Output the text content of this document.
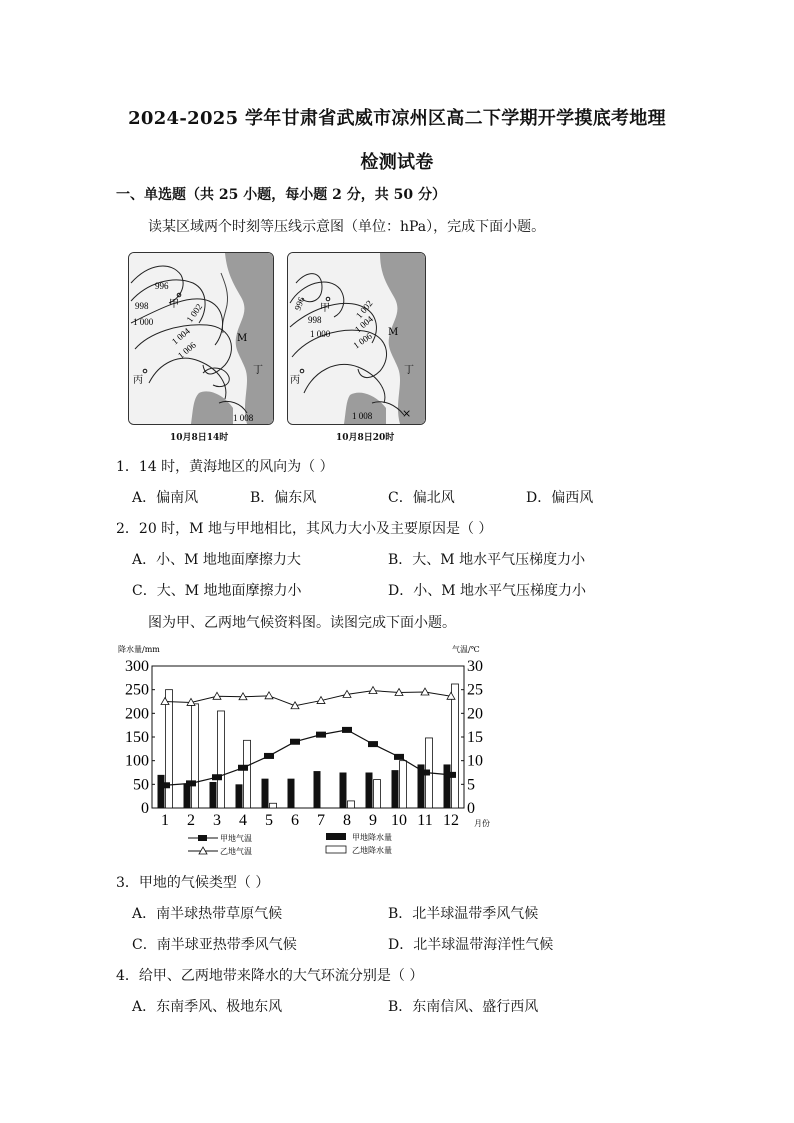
2024-2025 学年甘肃省武威市凉州区高二下学期开学摸底考地理
检测试卷
一、单选题（共 25 小题，每小题 2 分，共 50 分）
读某区域两个时刻等压线示意图（单位：hPa），完成下面小题。
996
998
1 000	1 002
1 004
1 006
1 008
甲
丙
M
丁
10月8日14时
996
998
1 000
1 002
1 004
1 006
1 008
甲
丙
M
丁
×
10月8日20时
1．14 时，黄海地区的风向为（ ）
A．偏南风	B．偏东风	C．偏北风	D．偏西风
2．20 时，M 地与甲地相比，其风力大小及主要原因是（ ）
A．小、M 地地面摩擦力大	B．大、M 地水平气压梯度力小
C．大、M 地地面摩擦力小	D．小、M 地水平气压梯度力小
图为甲、乙两地气候资料图。读图完成下面小题。
降水量/mm	气温/℃
月份
300
250
200
150
100
50
0
30
25
20
15
10
5
0
1 2 3 4 5 6 7 8 9 10 11 12
甲地气温
乙地气温
甲地降水量
乙地降水量
3．甲地的气候类型（ ）
A．南半球热带草原气候	B．北半球温带季风气候
C．南半球亚热带季风气候	D．北半球温带海洋性气候
4．给甲、乙两地带来降水的大气环流分别是（ ）
A．东南季风、极地东风	B．东南信风、盛行西风
